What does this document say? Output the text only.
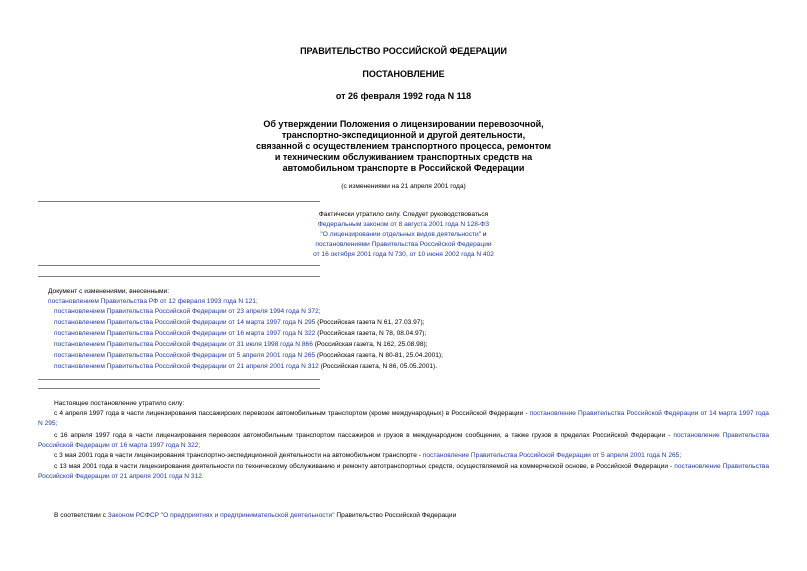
ПРАВИТЕЛЬСТВО РОССИЙСКОЙ ФЕДЕРАЦИИ
ПОСТАНОВЛЕНИЕ
от 26 февраля 1992 года N 118
Об утверждении Положения о лицензировании перевозочной,
транспортно-экспедиционной и другой деятельности,
связанной с осуществлением транспортного процесса, ремонтом
и техническим обслуживанием транспортных средств на
автомобильном транспорте в Российской Федерации
(с изменениями на 21 апреля 2001 года)
Фактически утратило силу. Следует руководствоваться
Федеральным законом от 8 августа 2001 года N 128-ФЗ
"О лицензировании отдельных видов деятельности" и
постановлениями Правительства Российской Федерации
от 16 октября 2001 года N 730, от 10 июня 2002 года N 402
Документ с изменениями, внесенными:
постановлением Правительства РФ от 12 февраля 1993 года N 121;
постановлением Правительства Российской Федерации от 23 апреля 1994 года N 372;
постановлением Правительства Российской Федерации от 14 марта 1997 года N 295 (Российская газета N 61, 27.03.97);
постановлением Правительства Российской Федерации от 16 марта 1997 года N 322 (Российская газета, N 78, 08.04.97);
постановлением Правительства Российской Федерации от 31 июля 1998 года N 866 (Российская газета, N 162, 25.08.98);
постановлением Правительства Российской Федерации от 5 апреля 2001 года N 265 (Российская газета, N 80-81, 25.04.2001);
постановлением Правительства Российской Федерации от 21 апреля 2001 года N 312 (Российская газета, N 86, 05.05.2001).
Настоящее постановление утратило силу:
с 4 апреля 1997 года в части лицензирования пассажирских перевозок автомобильным транспортом (кроме международных) в Российской Федерации - постановление Правительства Российской Федерации от 14 марта 1997 года N 295;
с 16 апреля 1997 года в части лицензирования перевозок автомобильным транспортом пассажиров и грузов в международном сообщении, а также грузов в пределах Российской Федерации - постановление Правительства Российской Федерации от 16 марта 1997 года N 322;
с 3 мая 2001 года в части лицензирования транспортно-экспедиционной деятельности на автомобильном транспорте - постановление Правительства Российской Федерации от 5 апреля 2001 года N 265;
с 13 мая 2001 года в части лицензирования деятельности по техническому обслуживанию и ремонту автотранспортных средств, осуществляемой на коммерческой основе, в Российской Федерации - постановление Правительства Российской Федерации от 21 апреля 2001 года N 312.
В соответствии с Законом РСФСР "О предприятиях и предпринимательской деятельности" Правительство Российской Федерации
